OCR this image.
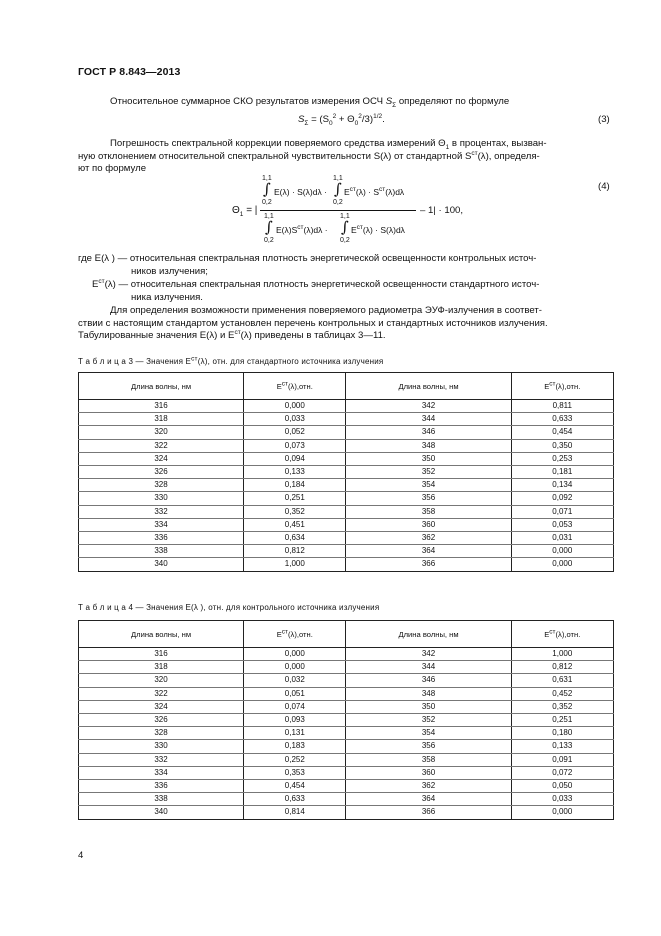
ГОСТ Р 8.843—2013
Относительное суммарное СКО результатов измерения ОСЧ $S_\Sigma$ определяют по формуле
$S_\Sigma = (S_0^2 + \Theta_0^2/3)^{1/2}$.	(3)
Погрешность спектральной коррекции поверяемого средства измерений $\Theta_1$ в процентах, вызван-
ную отклонением относительной спектральной чувствительности S(λ) от стандартной $S^{ст}(\lambda)$, определя-
ют по формуле
(4)
$\Theta_1$ = |
1,1
∫
0,2
E(λ) · S(λ)dλ ·
1,1
∫
0,2
$E^{ст}(\lambda) \cdot S^{ст}(\lambda)d\lambda$
1,1
∫
0,2
$E(\lambda)S^{ст}(\lambda)d\lambda$ ·
1,1
∫
0,2
$E^{ст}(\lambda) \cdot S(\lambda)d\lambda$
– 1| · 100,
где E(λ ) — относительная спектральная плотность энергетической освещенности контрольных источ-
ников излучения;
$E^{ст}(\lambda)$ — относительная спектральная плотность энергетической освещенности стандартного источ-
ника излучения.
Для определения возможности применения поверяемого радиометра ЭУФ-излучения в соответ-
ствии с настоящим стандартом установлен перечень контрольных и стандартных источников излучения.
Табулированные значения E(λ) и $E^{ст}(\lambda)$ приведены в таблицах 3—11.
Т а б л и ц а 3 — Значения $E^{ст}(\lambda)$, отн. для стандартного источника излучения
Длина волны, нм	$E^{ст}(\lambda),отн$.	Длина волны, нм	$E^{ст}(\lambda),отн$.
316	0,000	342	0,811
318	0,033	344	0,633
320	0,052	346	0,454
322	0,073	348	0,350
324	0,094	350	0,253
326	0,133	352	0,181
328	0,184	354	0,134
330	0,251	356	0,092
332	0,352	358	0,071
334	0,451	360	0,053
336	0,634	362	0,031
338	0,812	364	0,000
340	1,000	366	0,000
Т а б л и ц а 4 — Значения E(λ ), отн. для контрольного источника излучения
Длина волны, нм	$E^{ст}(\lambda),отн$.	Длина волны, нм	$E^{ст}(\lambda),отн$.
316	0,000	342	1,000
318	0,000	344	0,812
320	0,032	346	0,631
322	0,051	348	0,452
324	0,074	350	0,352
326	0,093	352	0,251
328	0,131	354	0,180
330	0,183	356	0,133
332	0,252	358	0,091
334	0,353	360	0,072
336	0,454	362	0,050
338	0,633	364	0,033
340	0,814	366	0,000
4
